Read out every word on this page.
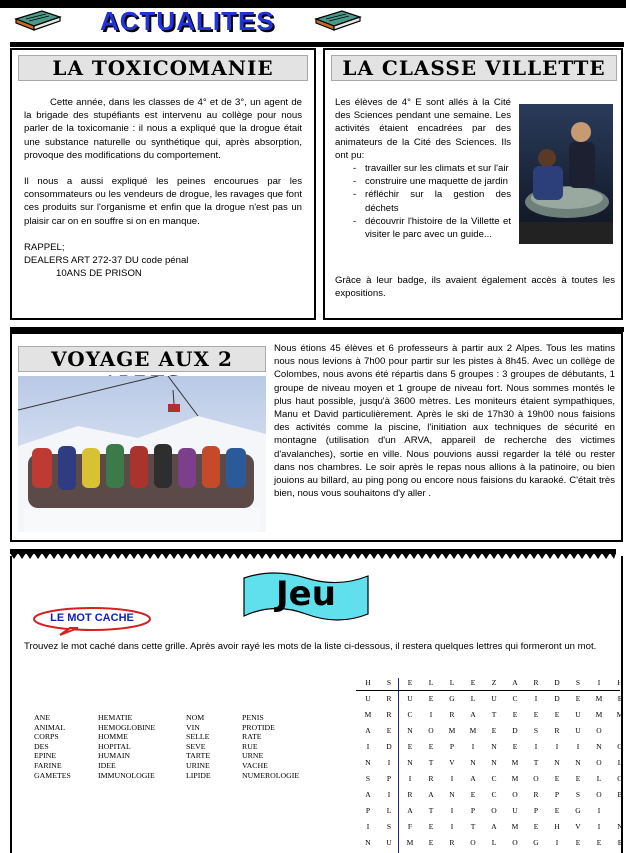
ACTUALITES
LA TOXICOMANIE
Cette année, dans les classes de 4° et de 3°, un agent de la brigade des stupéfiants est intervenu au collège pour nous parler de la toxicomanie : il nous a expliqué que la drogue était une substance naturelle ou synthétique qui, après absorption, provoque des modifications du comportement.
Il nous a aussi expliqué les peines encourues par les consommateurs ou les vendeurs de drogue, les ravages que font ces produits sur l'organisme et enfin que la drogue n'est pas un plaisir car on en souffre si on en manque.
RAPPEL;
DEALERS ART 272-37 DU code pénal
10ANS DE PRISON
LA CLASSE VILLETTE
Les élèves de 4° E sont allés à la Cité des Sciences pendant une semaine. Les activités étaient encadrées par des animateurs de la Cité des Sciences. Ils ont pu:
- travailler sur les climats et sur l'air
- construire une maquette de jardin
- réfléchir sur la gestion des déchets
- découvrir l'histoire de la Villette et visiter le parc avec un guide...
Grâce à leur badge, ils avaient également accès à toutes les expositions.
VOYAGE AUX 2	Nous étions 45 élèves et 6 professeurs à partir aux 2 Alpes. Tous les matins nous nous levions à 7h00 pour partir sur les pistes à 8h45. Avec un collège de Colombes, nous avons été répartis dans 5 groupes : 3 groupes de débutants, 1 groupe de niveau moyen et 1 groupe de niveau fort. Nous sommes montés le plus haut possible, jusqu'à 3600 mètres. Les moniteurs étaient sympathiques, Manu et David particulièrement. Après le ski de 17h30 à 19h00 nous faisions des activités comme la piscine, l'initiation aux techniques de sécurité en montagne (utilisation d'un ARVA, appareil de recherche des victimes d'avalanches), sortie en ville. Nous pouvions aussi regarder la télé ou rester dans nos chambres. Le soir après le repas nous allions à la patinoire, ou bien jouions au billard, au ping pong ou encore nous faisions du karaoké. C'était très bien, nous vous souhaitons d'y aller .
Jeu
LE MOT CACHE
Trouvez le mot caché dans cette grille. Après avoir rayé les mots de la liste ci-dessous, il restera quelques lettres qui formeront un mot.
ANE
ANIMAL
CORPS
DES
EPINE
FARINE
GAMETES
HEMATIE
HEMOGLOBINE
HOMME
HOPITAL
HUMAIN
IDEE
IMMUNOLOGIE
NOM
VIN
SELLE
SEVE
TARTE
URINE
LIPIDE
PENIS
PROTIDE
RATE
RUE
URNE
VACHE
NUMEROLOGIE
H	S	E	L	L	E	Z	A	R	D	S	I	H
U	R	U	E	G	L	U	C	I	D	E	M	E
M	R	C	I	R	A	T	E	E	E	U	M	M
A	E	N	O	M	M	E	D	S	R	U	O
I	D	E	E	P	I	N	E	I	I	I	N	G
N	I	N	T	V	N	N	M	T	N	N	O	L
S	P	I	R	I	A	C	M	O	E	E	L	O
A	I	R	A	N	E	C	O	R	P	S	O	B
P	L	A	T	I	P	O	U	P	E	G	I
I	S	F	E	I	T	A	M	E	H	V	I	N
N	U	M	E	R	O	L	O	G	I	E	E	E
